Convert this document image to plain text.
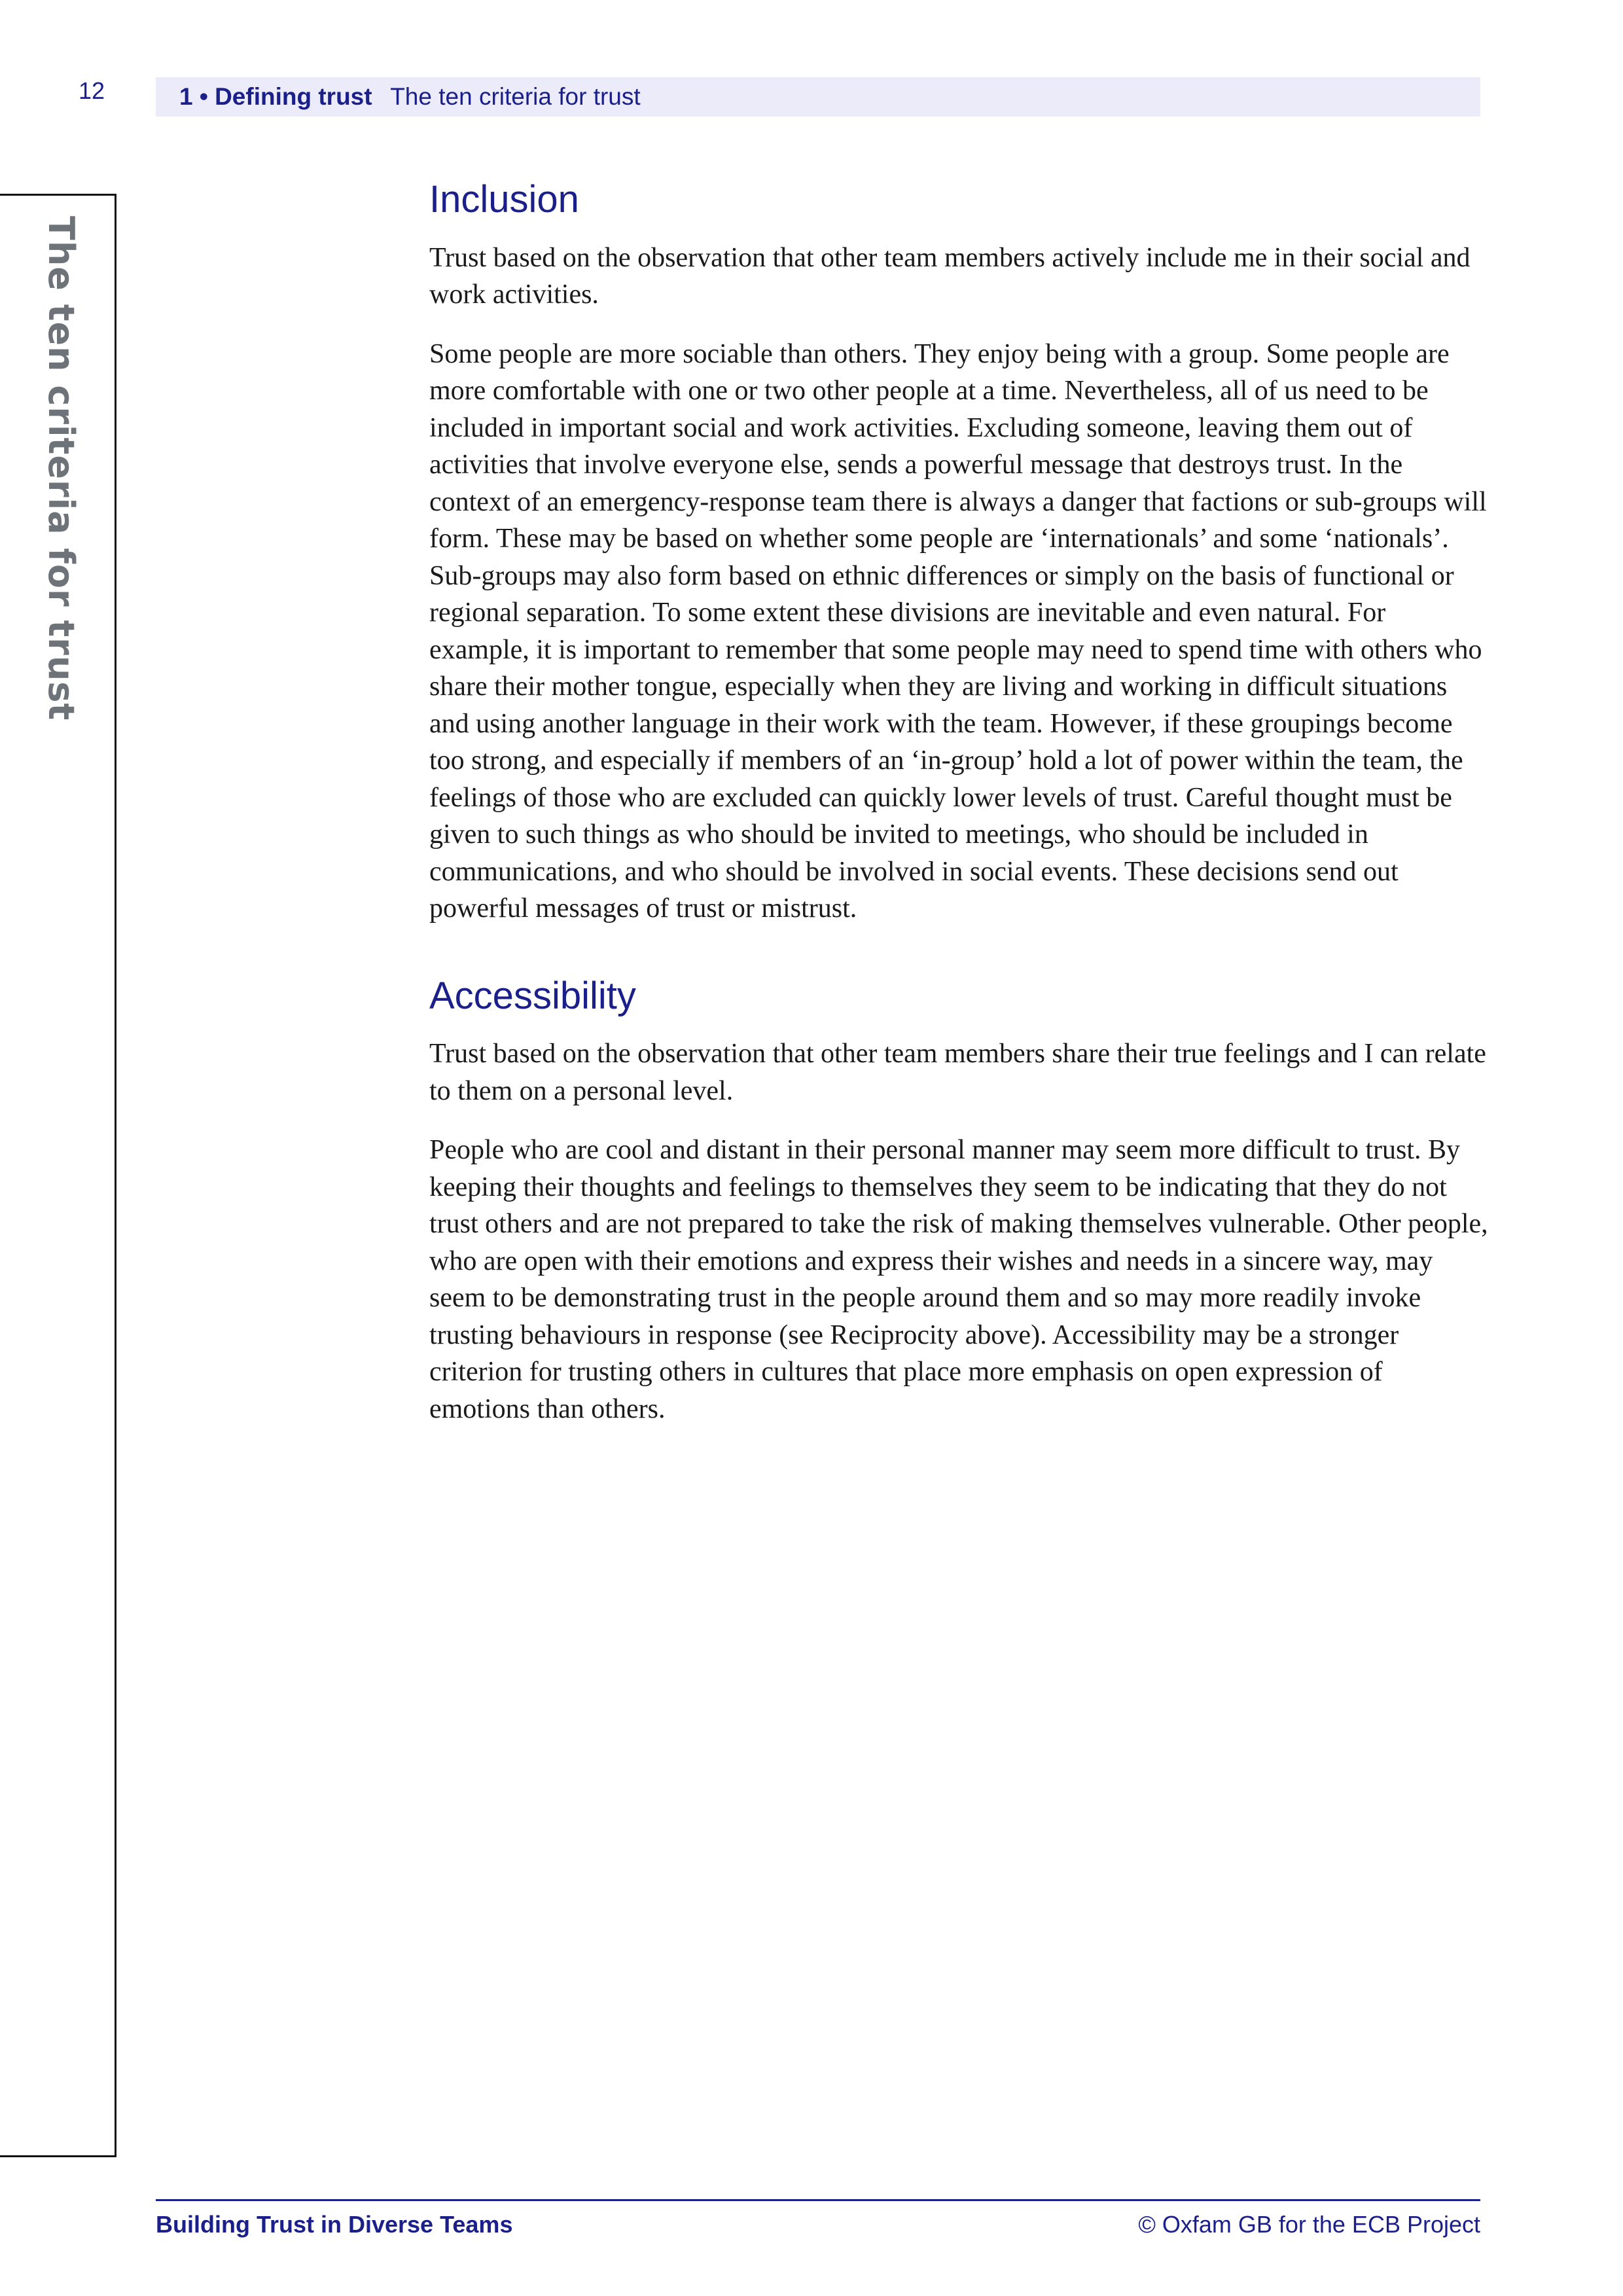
12	1 • Defining trust The ten criteria for trust
The ten criteria for trust
Inclusion

Trust based on the observation that other team members actively include me in their social and work activities.

Some people are more sociable than others. They enjoy being with a group. Some people are more comfortable with one or two other people at a time. Nevertheless, all of us need to be included in important social and work activities. Excluding someone, leaving them out of activities that involve everyone else, sends a powerful message that destroys trust. In the context of an emergency-response team there is always a danger that factions or sub-groups will form. These may be based on whether some people are ‘internationals’ and some ‘nationals’. Sub-groups may also form based on ethnic differences or simply on the basis of functional or regional separation. To some extent these divisions are inevitable and even natural. For example, it is important to remember that some people may need to spend time with others who share their mother tongue, especially when they are living and working in difficult situations and using another language in their work with the team. However, if these groupings become too strong, and especially if members of an ‘in-group’ hold a lot of power within the team, the feelings of those who are excluded can quickly lower levels of trust. Careful thought must be given to such things as who should be invited to meetings, who should be included in communications, and who should be involved in social events. These decisions send out powerful messages of trust or mistrust.

Accessibility

Trust based on the observation that other team members share their true feelings and I can relate to them on a personal level.

People who are cool and distant in their personal manner may seem more difficult to trust. By keeping their thoughts and feelings to themselves they seem to be indicating that they do not trust others and are not prepared to take the risk of making themselves vulnerable. Other people, who are open with their emotions and express their wishes and needs in a sincere way, may seem to be demonstrating trust in the people around them and so may more readily invoke trusting behaviours in response (see Reciprocity above). Accessibility may be a stronger criterion for trusting others in cultures that place more emphasis on open expression of emotions than others.

Building Trust in Diverse Teams	© Oxfam GB for the ECB Project
